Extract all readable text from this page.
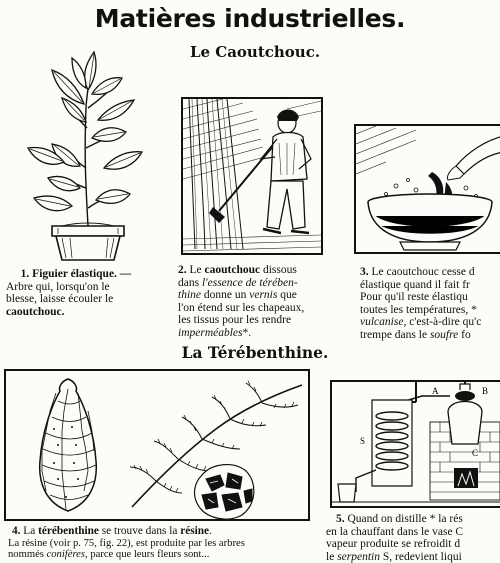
Matières industrielles.
Le Caoutchouc.
1. Figuier élastique. —
Arbre qui, lorsqu'on le
blesse, laisse écouler le
caoutchouc.
2. Le caoutchouc dissous
dans l'essence de térében-
thine donne un vernis que
l'on étend sur les chapeaux,
les tissus pour les rendre
imperméables*.
3. Le caoutchouc cesse d
élastique quand il fait fr
Pour qu'il reste élastiqu
toutes les températures, *
vulcanise, c'est-à-dire qu'c
trempe dans le soufre fo
La Térébenthine.
4. La térébenthine se trouve dans la résine.
La résine (voir p. 75, fig. 22), est produite par les arbres
nommés conifères, parce que leurs fleurs sont...
A	B
C
S
5. Quand on distille * la rés
en la chauffant dans le vase C
vapeur produite se refroidit d
le serpentin S, redevient liqui
